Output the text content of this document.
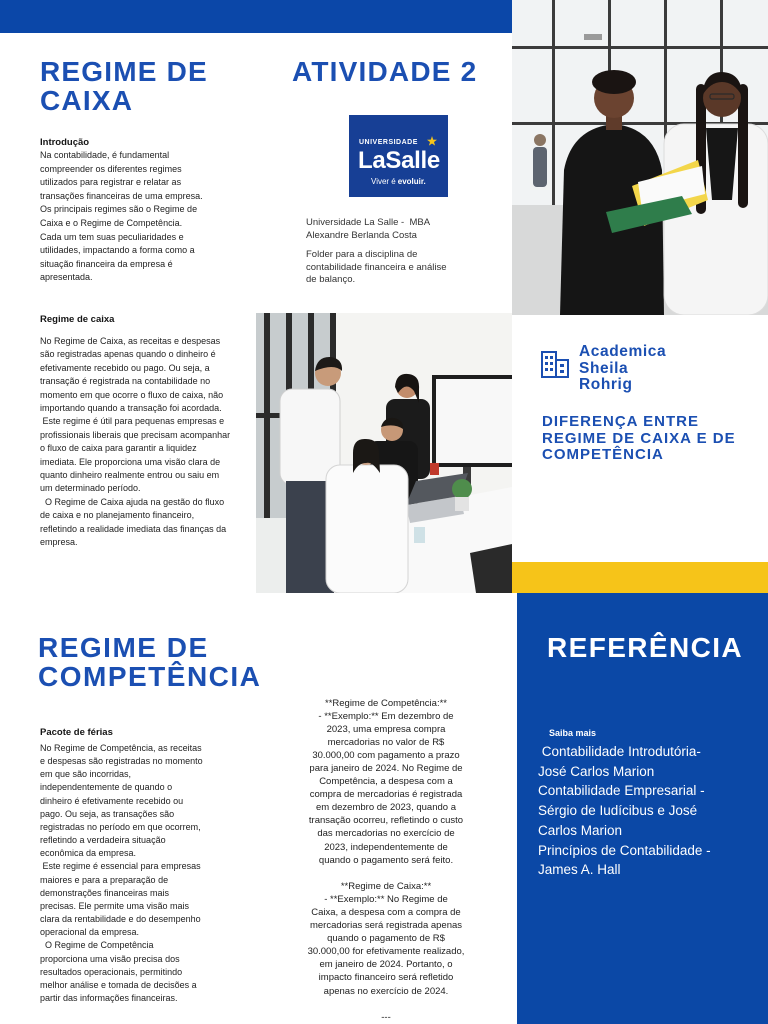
REGIME DE
CAIXA
Introdução
Na contabilidade, é fundamental
compreender os diferentes regimes
utilizados para registrar e relatar as
transações financeiras de uma empresa.
Os principais regimes são o Regime de
Caixa e o Regime de Competência.
Cada um tem suas peculiaridades e
utilidades, impactando a forma como a
situação financeira da empresa é
apresentada.
Regime de caixa
No Regime de Caixa, as receitas e despesas
são registradas apenas quando o dinheiro é
efetivamente recebido ou pago. Ou seja, a
transação é registrada na contabilidade no
momento em que ocorre o fluxo de caixa, não
importando quando a transação foi acordada.
Este regime é útil para pequenas empresas e
profissionais liberais que precisam acompanhar
o fluxo de caixa para garantir a liquidez
imediata. Ele proporciona uma visão clara de
quanto dinheiro realmente entrou ou saiu em
um determinado período.
O Regime de Caixa ajuda na gestão do fluxo
de caixa e no planejamento financeiro,
refletindo a realidade imediata das finanças da
empresa.
ATIVIDADE 2
UNIVERSIDADE
LaSalle
Viver é evoluir.
Universidade La Salle -  MBA
Alexandre Berlanda Costa
Folder para a disciplina de
contabilidade financeira e análise
de balanço.
Academica
Sheila
Rohrig
DIFERENÇA ENTRE
REGIME DE CAIXA E DE
COMPETÊNCIA
REGIME DE
COMPETÊNCIA
Pacote de férias
No Regime de Competência, as receitas
e despesas são registradas no momento
em que são incorridas,
independentemente de quando o
dinheiro é efetivamente recebido ou
pago. Ou seja, as transações são
registradas no período em que ocorrem,
refletindo a verdadeira situação
econômica da empresa.
Este regime é essencial para empresas
maiores e para a preparação de
demonstrações financeiras mais
precisas. Ele permite uma visão mais
clara da rentabilidade e do desempenho
operacional da empresa.
O Regime de Competência
proporciona uma visão precisa dos
resultados operacionais, permitindo
melhor análise e tomada de decisões a
partir das informações financeiras.
**Regime de Competência:**
- **Exemplo:** Em dezembro de
2023, uma empresa compra
mercadorias no valor de R$
30.000,00 com pagamento a prazo
para janeiro de 2024. No Regime de
Competência, a despesa com a
compra de mercadorias é registrada
em dezembro de 2023, quando a
transação ocorreu, refletindo o custo
das mercadorias no exercício de
2023, independentemente de
quando o pagamento será feito.
**Regime de Caixa:**
- **Exemplo:** No Regime de
Caixa, a despesa com a compra de
mercadorias será registrada apenas
quando o pagamento de R$
30.000,00 for efetivamente realizado,
em janeiro de 2024. Portanto, o
impacto financeiro será refletido
apenas no exercício de 2024.
---
REFERÊNCIA
Saiba mais
Contabilidade Introdutória-
José Carlos Marion
Contabilidade Empresarial -
Sérgio de Iudícibus e José
Carlos Marion
Princípios de Contabilidade -
James A. Hall
